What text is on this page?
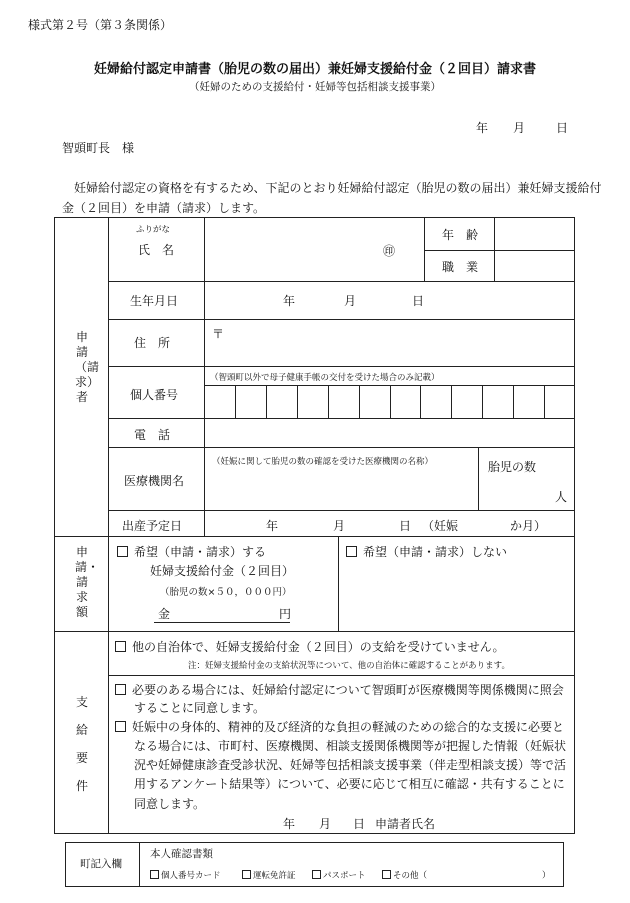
様式第２号（第３条関係）
妊婦給付認定申請書（胎児の数の届出）兼妊婦支援給付金（２回目）請求書
（妊婦のための支援給付・妊婦等包括相談支援事業）
年 月	日
智頭町長　様
妊婦給付認定の資格を有するため、下記のとおり妊婦給付認定（胎児の数の届出）兼妊婦支援給付金（２回目）を申請（請求）します。
申請（請求）者
ふりがな
氏　名	㊞
年　齢
職　業
生年月日	年	月	日
住　所
〒
個人番号
（智頭町以外で母子健康手帳の交付を受けた場合のみ記載）
電　話
医療機関名
（妊娠に関して胎児の数の確認を受けた医療機関の名称）	胎児の数
人
出産予定日	年	月	日 （妊娠	か月）
申請・請求額
希望（申請・請求）する
妊婦支援給付金（２回目）
（胎児の数×５０，０００円）
金	円
希望（申請・請求）しない
支給要件
他の自治体で、妊婦支援給付金（２回目）の支給を受けていません。
注：妊婦支援給付金の支給状況等について、他の自治体に確認することがあります。
必要のある場合には、妊婦給付認定について智頭町が医療機関等関係機関に照会
することに同意します。
妊娠中の身体的、精神的及び経済的な負担の軽減のための総合的な支援に必要と
なる場合には、市町村、医療機関、相談支援関係機関等が把握した情報（妊娠状
況や妊婦健康診査受診状況、妊婦等包括相談支援事業（伴走型相談支援）等で活
用するアンケート結果等）について、必要に応じて相互に確認・共有することに
同意します。
年 月 日 申請者氏名
町記入欄
本人確認書類
個人番号カード	運転免許証	パスポート	その他（	）
